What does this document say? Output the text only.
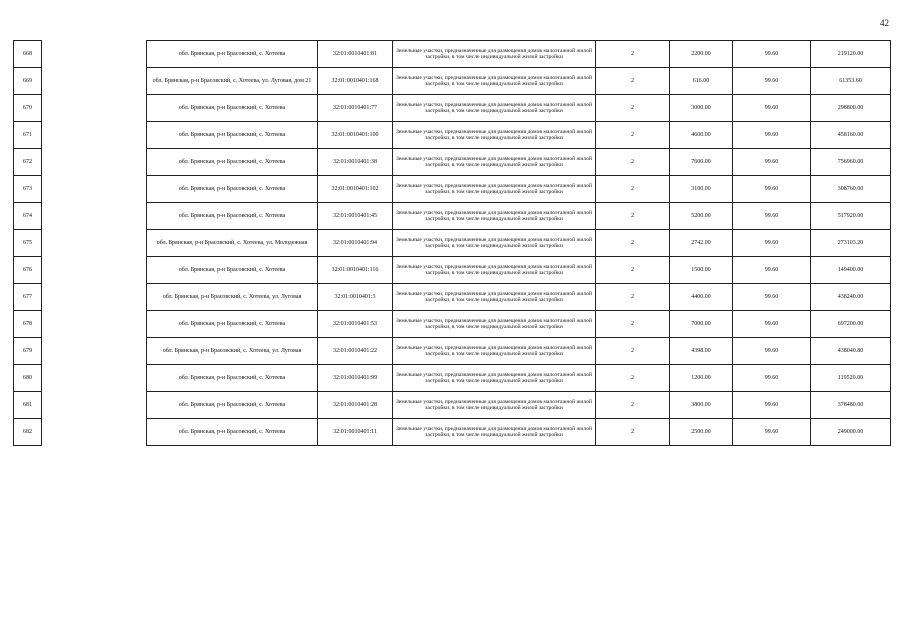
42
668		обл. Брянская, р-н Брасовский, с. Хотеева	32:01:0010401:81	Земельные участки, предназначенные для размещения домов малоэтажной жилой застройки, в том числе индивидуальной жилой застройки	2	2200.00	99.60	219120.00
669		обл. Брянская, р-н Брасовский, с. Хотеева, ул. Луговая, дом 21	32:01:0010401:168	Земельные участки, предназначенные для размещения домов малоэтажной жилой застройки, в том числе индивидуальной жилой застройки	2	616.00	99.60	61353.60
670		обл. Брянская, р-н Брасовский, с. Хотеева	32:01:0010401:77	Земельные участки, предназначенные для размещения домов малоэтажной жилой застройки, в том числе индивидуальной жилой застройки	2	3000.00	99.60	298800.00
671		обл. Брянская, р-н Брасовский, с. Хотеева	32:01:0010401:100	Земельные участки, предназначенные для размещения домов малоэтажной жилой застройки, в том числе индивидуальной жилой застройки	2	4600.00	99.60	458160.00
672		обл. Брянская, р-н Брасовский, с. Хотеева	32:01:0010401:38	Земельные участки, предназначенные для размещения домов малоэтажной жилой застройки, в том числе индивидуальной жилой застройки	2	7600.00	99.60	756960.00
673		обл. Брянская, р-н Брасовский, с. Хотеева	32:01:0010401:102	Земельные участки, предназначенные для размещения домов малоэтажной жилой застройки, в том числе индивидуальной жилой застройки	2	3100.00	99.60	308760.00
674		обл. Брянская, р-н Брасовский, с. Хотеева	32:01:0010401:45	Земельные участки, предназначенные для размещения домов малоэтажной жилой застройки, в том числе индивидуальной жилой застройки	2	5200.00	99.60	517920.00
675		обл. Брянская, р-н Брасовский, с. Хотеева, ул. Молодежная	32:01:0010401:94	Земельные участки, предназначенные для размещения домов малоэтажной жилой застройки, в том числе индивидуальной жилой застройки	2	2742.00	99.60	273103.20
676		обл. Брянская, р-н Брасовский, с. Хотеева	32:01:0010401:116	Земельные участки, предназначенные для размещения домов малоэтажной жилой застройки, в том числе индивидуальной жилой застройки	2	1500.00	99.60	149400.00
677		обл. Брянская, р-н Брасовский, с. Хотеева, ул. Луговая	32:01:0010401:3	Земельные участки, предназначенные для размещения домов малоэтажной жилой застройки, в том числе индивидуальной жилой застройки	2	4400.00	99.60	438240.00
678		обл. Брянская, р-н Брасовский, с. Хотеева	32:01:0010401:53	Земельные участки, предназначенные для размещения домов малоэтажной жилой застройки, в том числе индивидуальной жилой застройки	2	7000.00	99.60	697200.00
679		обл. Брянская, р-н Брасовский, с. Хотеева, ул. Луговая	32:01:0010401:22	Земельные участки, предназначенные для размещения домов малоэтажной жилой застройки, в том числе индивидуальной жилой застройки	2	4398.00	99.60	438040.80
680		обл. Брянская, р-н Брасовский, с. Хотеева	32:01:0010401:99	Земельные участки, предназначенные для размещения домов малоэтажной жилой застройки, в том числе индивидуальной жилой застройки	2	1200.00	99.60	119520.00
681		обл. Брянская, р-н Брасовский, с. Хотеева	32:01:0010401:28	Земельные участки, предназначенные для размещения домов малоэтажной жилой застройки, в том числе индивидуальной жилой застройки	2	3800.00	99.60	378480.00
682		обл. Брянская, р-н Брасовский, с. Хотеева	32:01:0010401:11	Земельные участки, предназначенные для размещения домов малоэтажной жилой застройки, в том числе индивидуальной жилой застройки	2	2500.00	99.60	249000.00
